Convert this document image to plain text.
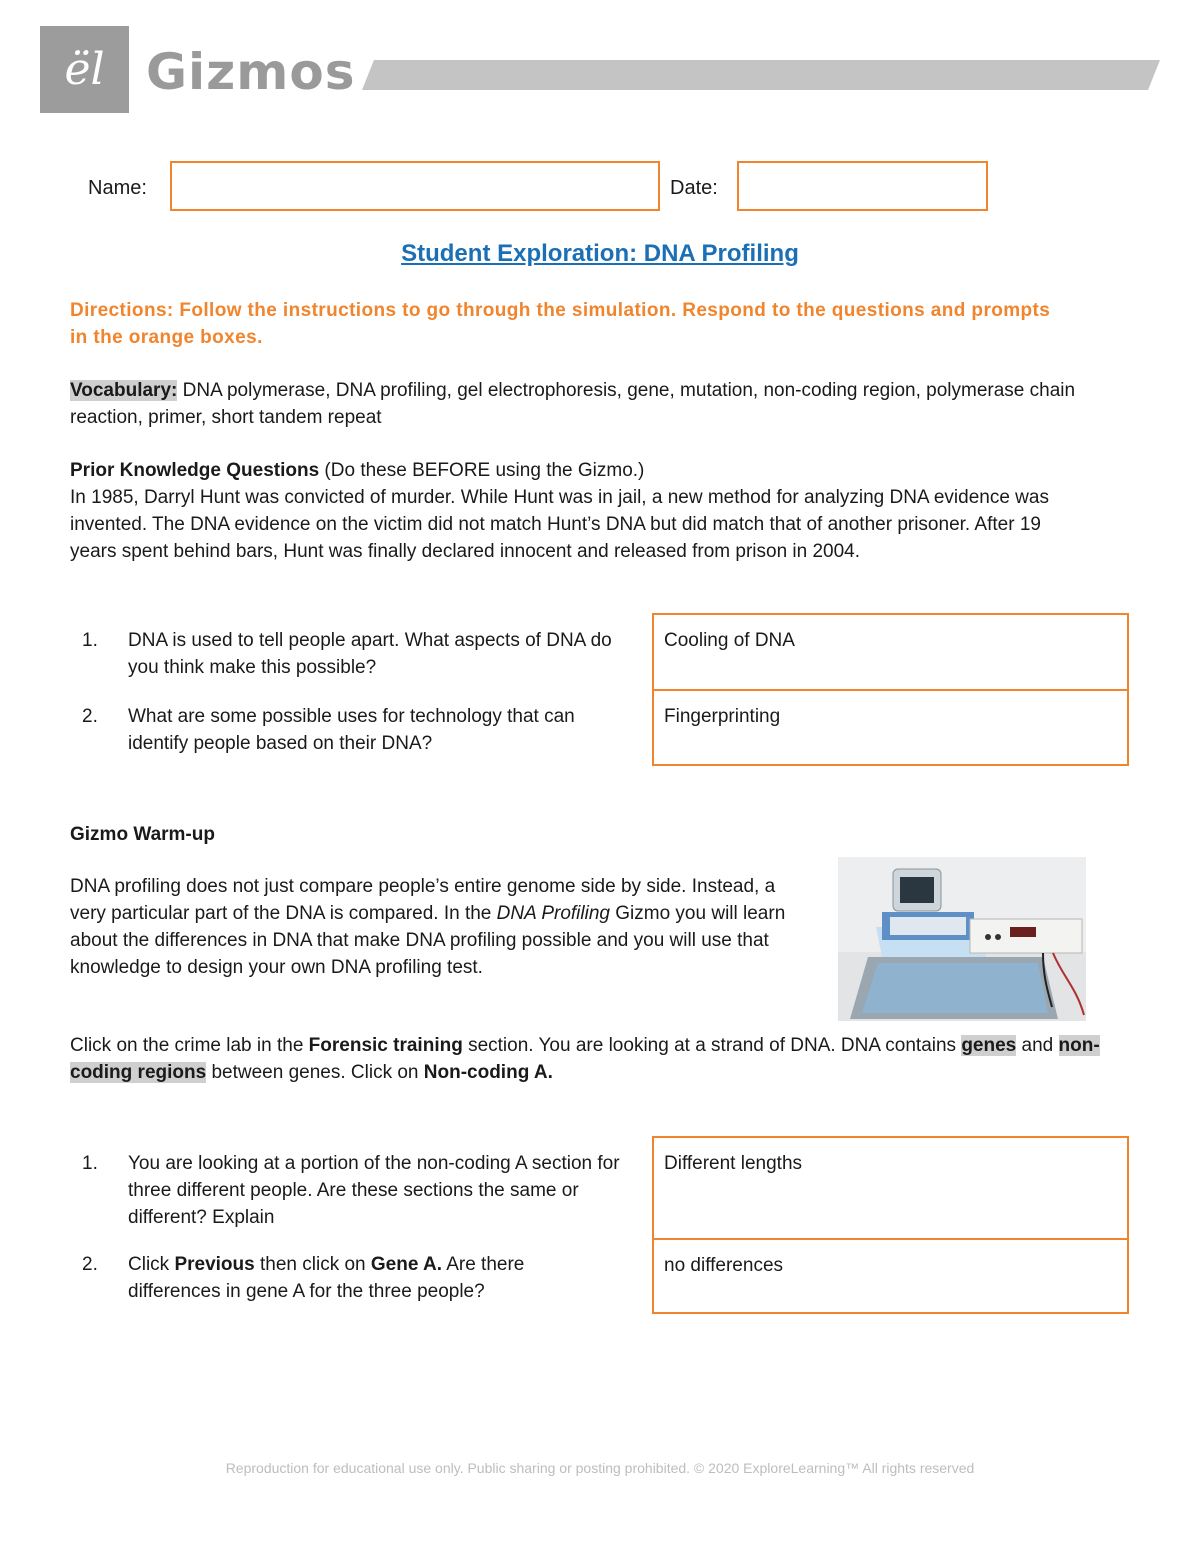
ël Gizmos
Name:	Date:
Student Exploration: DNA Profiling
Directions: Follow the instructions to go through the simulation. Respond to the questions and prompts in the orange boxes.
Vocabulary: DNA polymerase, DNA profiling, gel electrophoresis, gene, mutation, non-coding region, polymerase chain reaction, primer, short tandem repeat
Prior Knowledge Questions (Do these BEFORE using the Gizmo.)
In 1985, Darryl Hunt was convicted of murder. While Hunt was in jail, a new method for analyzing DNA evidence was invented. The DNA evidence on the victim did not match Hunt’s DNA but did match that of another prisoner. After 19 years spent behind bars, Hunt was finally declared innocent and released from prison in 2004.
1. DNA is used to tell people apart. What aspects of DNA do you think make this possible?
2. What are some possible uses for technology that can identify people based on their DNA?
Cooling of DNA
Fingerprinting
Gizmo Warm-up
DNA profiling does not just compare people’s entire genome side by side. Instead, a very particular part of the DNA is compared. In the DNA Profiling Gizmo you will learn about the differences in DNA that make DNA profiling possible and you will use that knowledge to design your own DNA profiling test.
Click on the crime lab in the Forensic training section. You are looking at a strand of DNA. DNA contains genes and non-coding regions between genes. Click on Non-coding A.
1. You are looking at a portion of the non-coding A section for three different people. Are these sections the same or different? Explain
2. Click Previous then click on Gene A. Are there differences in gene A for the three people?
Different lengths
no differences
Reproduction for educational use only. Public sharing or posting prohibited. © 2020 ExploreLearning™ All rights reserved
